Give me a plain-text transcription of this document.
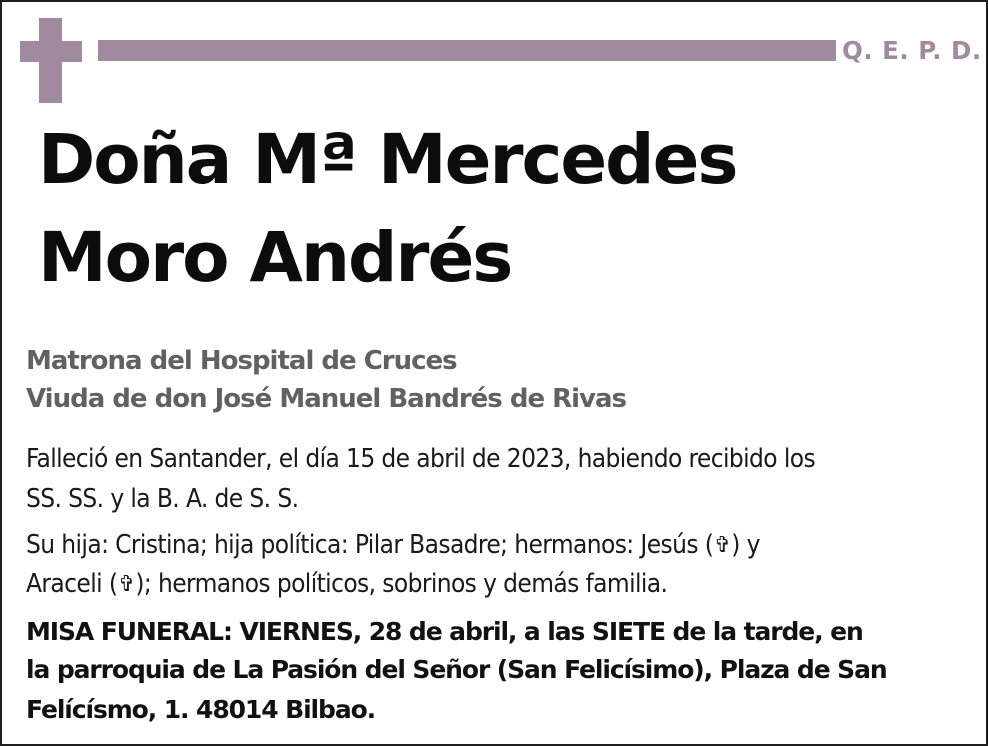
Q. E. P. D.
Doña Mª Mercedes
Moro Andrés
Matrona del Hospital de Cruces
Viuda de don José Manuel Bandrés de Rivas
Falleció en Santander, el día 15 de abril de 2023, habiendo recibido los
SS. SS. y la B. A. de S. S.
Su hija: Cristina; hija política: Pilar Basadre; hermanos: Jesús (✞) y
Araceli (✞); hermanos políticos, sobrinos y demás familia.
MISA FUNERAL: VIERNES, 28 de abril, a las SIETE de la tarde, en
la parroquia de La Pasión del Señor (San Felicísimo), Plaza de San
Felícísmo, 1. 48014 Bilbao.
